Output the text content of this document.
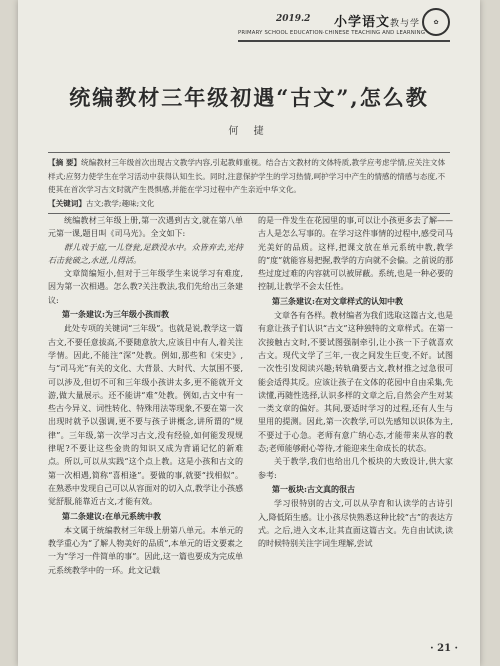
2019.2 小学语文教与学
PRIMARY SCHOOL EDUCATION·CHINESE TEACHING AND LEARNING
✿
统编教材三年级初遇“古文”,怎么教
何 捷
【摘 要】统编教材三年级首次出现古文教学内容,引起教师重视。结合古文教材的文体特质,教学应考虑学情,应关注文体样式;应努力使学生在学习活动中获得认知生长。同时,注意保护学生的学习热情,呵护学习中产生的情感的情感与态度,不使其在首次学习古文时就产生畏惧感,并能在学习过程中产生亲近中华文化。
【关键词】古文;教学;趣味;文化

统编教材三年级上册,第一次遇到古文,就在第八单元第一课,题目叫《司马光》。全文如下:

群儿戏于庭,一儿登瓮,足跌没水中。众皆弃去,光持石击瓮破之,水迸,儿得活。

文章简编短小,但对于三年级学生来说学习有难度,因为第一次相遇。怎么教?关注教法,我们先给出三条建议:

第一条建议:为三年级小孩而教

此处专项的关键词“三年级”。也就是说,教学这一篇古文,不要任意拔高,不要随意放大,应该目中有人,着关注学情。因此,不能注“深”处教。例如,那些和《宋史》,与“司马光”有关的文化、大背景、大时代、大氛围不要,可以涉及,但切不可和三年级小孩讲太多,更不能就开文游,做大量展示。还不能讲“难”处教。例如,古文中有一些古今异义、词性转化、特殊用法等现象,不要在第一次出现时就予以强调,更不要与孩子讲概念,讲所谓的“规律”。三年级,第一次学习古文,没有经验,如何能发现规律呢?不要让这些金贵的知识又成为背诵记忆的新难点。所以,可以从实践“这个点上教。这是小孩和古文的第一次相遇,简称“喜相逢”。要做的事,就要“找相似”。在熟悉中发现自己可以从容面对的切入点,教学让小孩感觉舒服,能靠近古文,才能有效。

第二条建议:在单元系统中教

本文属于统编教材三年级上册第八单元。本单元的教学重心为“了解人物美好的品质”,本单元的语文要素之一为“学习一件简单的事”。因此,这一篇也要成为完成单元系统教学中的一环。此文记载

的是一件发生在花园里的事,可以让小孩更多去了解——古人是怎么写事的。在学习这件事情的过程中,感受司马光美好的品质。这样,把课文放在单元系统中教,教学的“度”就能容易把握,教学的方向就不会偏。之前说的那些过度过难的内容就可以被屏蔽。系统,也是一种必要的控制,让教学不会太任性。

第三条建议:在对文章样式的认知中教

文章各有各样。教材编者为我们选取这篇古文,也是有意让孩子们认识“古文”这种独特的文章样式。在第一次接触古文时,不要试图强制牵引,让小孩一下子就喜欢古文。现代文学了三年,一夜之间发生巨变,不好。试图一次性引发阅读兴趣;转轨确要古文,教材推之过急很可能会适得其反。应该让孩子在文体的花园中自由采集,先读懂,再随性选择,认识多样的文章之后,自然会产生对某一类文章的偏好。其间,要适时学习的过程,还有人生与里用的提测。因此,第一次教学,可以先感知以识体为主,不要过于心急。老师有意广纳心态,才能带来从容的教态;老师能够耐心等待,才能迎来生命成长的状态。

关于教学,我们也给出几个板块的大致设计,供大家参考:

第一板块:古文真的很古

学习很特别的古文,可以从孕育和认读学的古诗引入,降低陌生感。让小孩尽快熟悉这种比较“古”的表达方式。之后,进入文本,让其直面这篇古文。先自由试读,读的时候特别关注字词生理解,尝试

· 21 ·
